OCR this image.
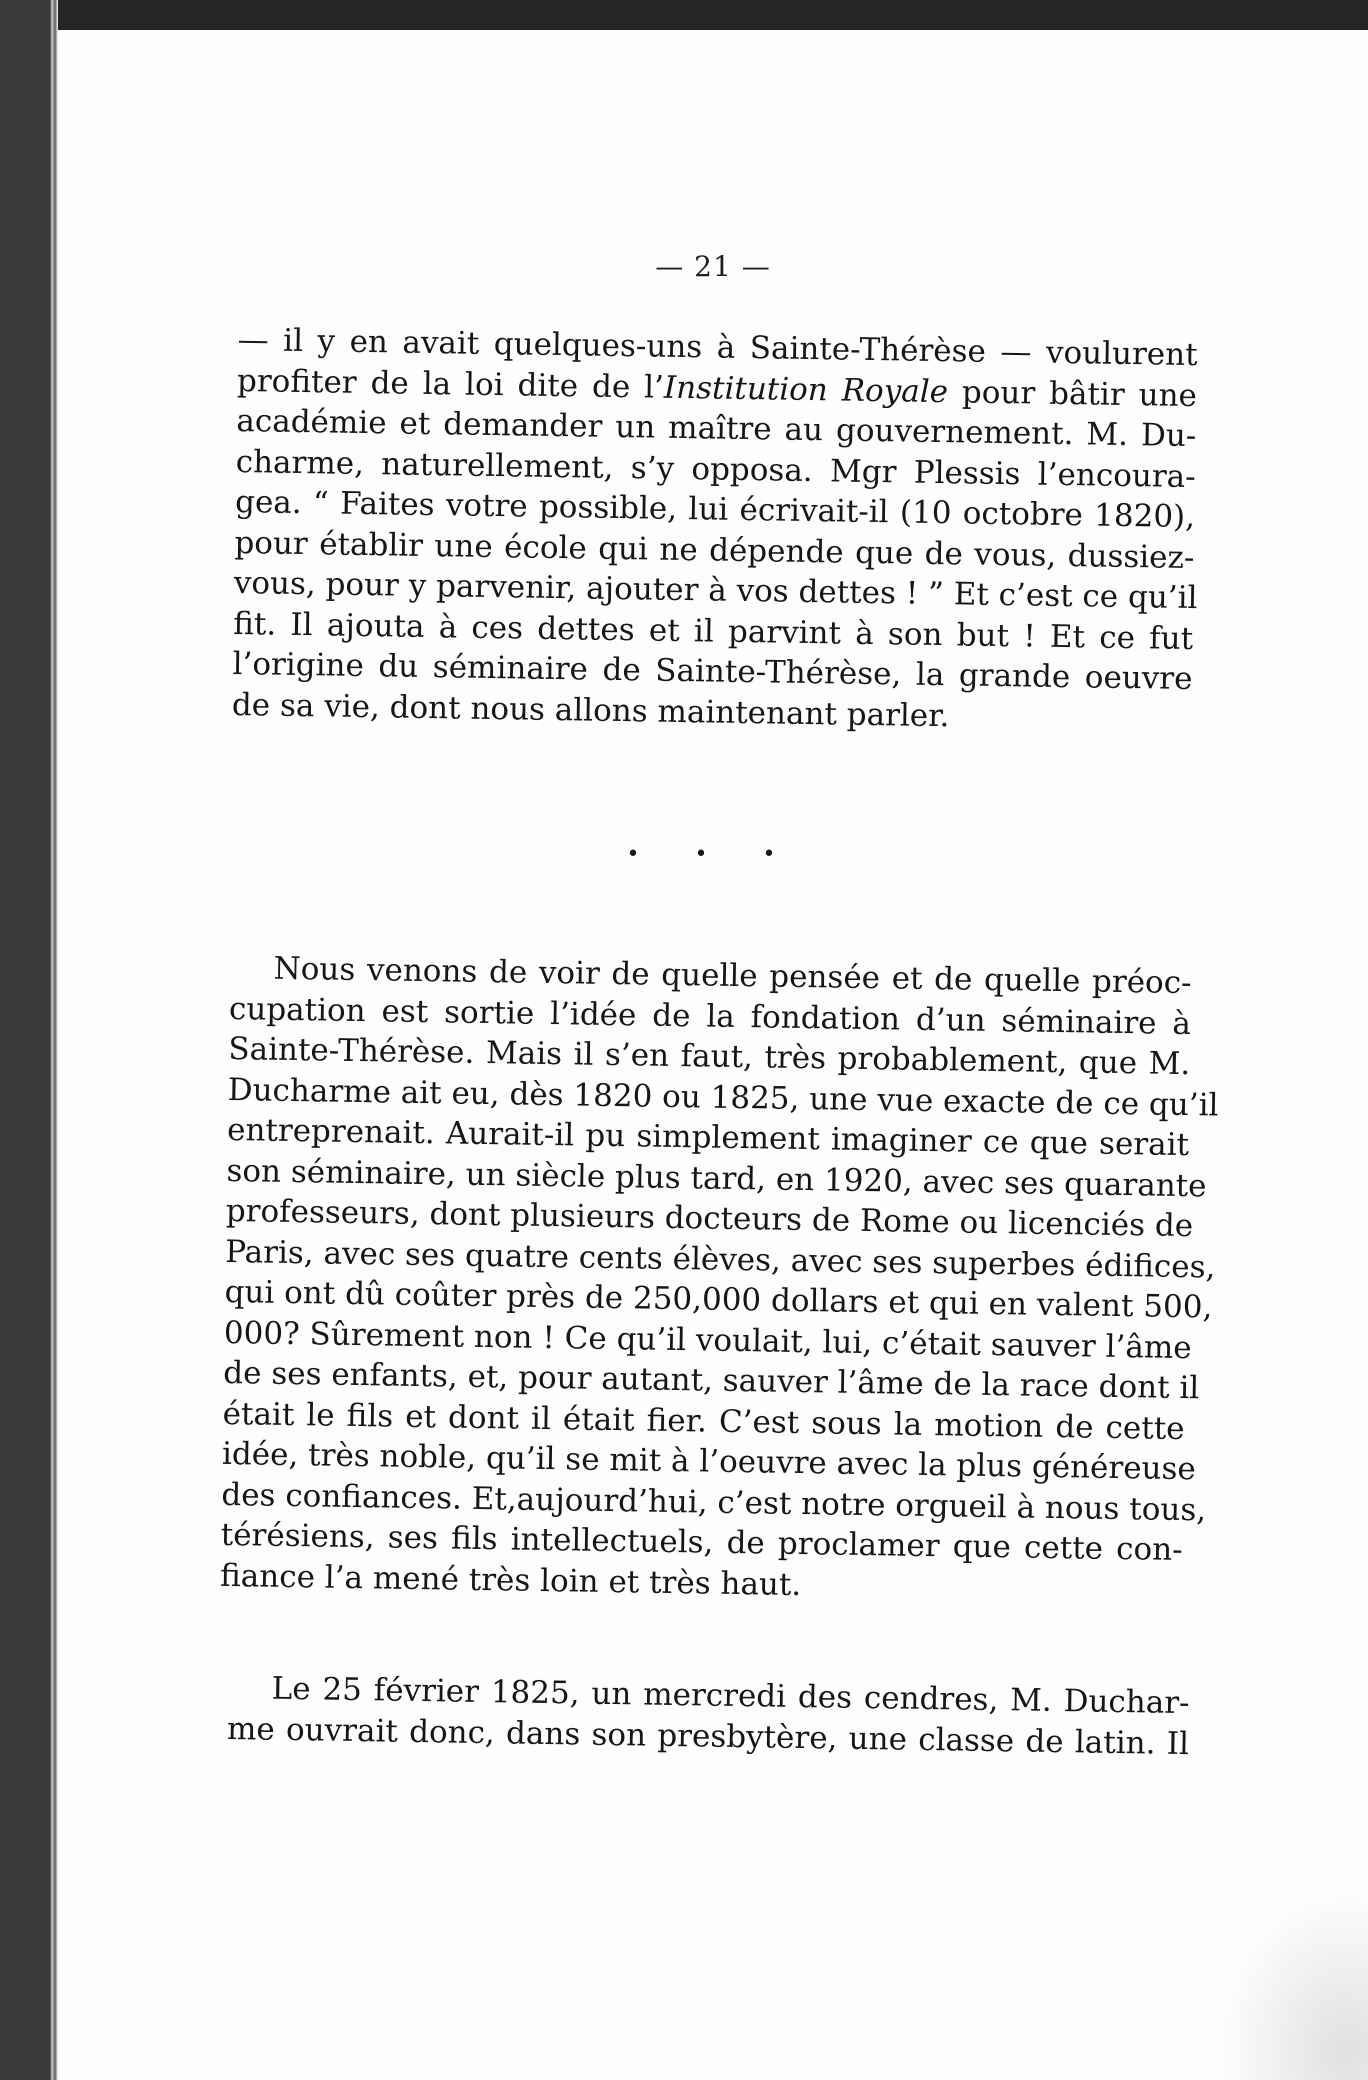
— 21 —
— il y en avait quelques-uns à Sainte-Thérèse — voulurent
profiter de la loi dite de l’Institution Royale pour bâtir une
académie et demander un maître au gouvernement. M. Du-
charme, naturellement, s’y opposa. Mgr Plessis l’encoura-
gea. “ Faites votre possible, lui écrivait-il (10 octobre 1820),
pour établir une école qui ne dépende que de vous, dussiez-
vous, pour y parvenir, ajouter à vos dettes ! ” Et c’est ce qu’il
fit. Il ajouta à ces dettes et il parvint à son but ! Et ce fut
l’origine du séminaire de Sainte-Thérèse, la grande oeuvre
de sa vie, dont nous allons maintenant parler.
• • •
Nous venons de voir de quelle pensée et de quelle préoc-
cupation est sortie l’idée de la fondation d’un séminaire à
Sainte-Thérèse. Mais il s’en faut, très probablement, que M.
Ducharme ait eu, dès 1820 ou 1825, une vue exacte de ce qu’il
entreprenait. Aurait-il pu simplement imaginer ce que serait
son séminaire, un siècle plus tard, en 1920, avec ses quarante
professeurs, dont plusieurs docteurs de Rome ou licenciés de
Paris, avec ses quatre cents élèves, avec ses superbes édifices,
qui ont dû coûter près de 250,000 dollars et qui en valent 500,
000? Sûrement non ! Ce qu’il voulait, lui, c’était sauver l’âme
de ses enfants, et, pour autant, sauver l’âme de la race dont il
était le fils et dont il était fier. C’est sous la motion de cette
idée, très noble, qu’il se mit à l’oeuvre avec la plus généreuse
des confiances. Et,aujourd’hui, c’est notre orgueil à nous tous,
térésiens, ses fils intellectuels, de proclamer que cette con-
fiance l’a mené très loin et très haut.
Le 25 février 1825, un mercredi des cendres, M. Duchar-
me ouvrait donc, dans son presbytère, une classe de latin. Il
